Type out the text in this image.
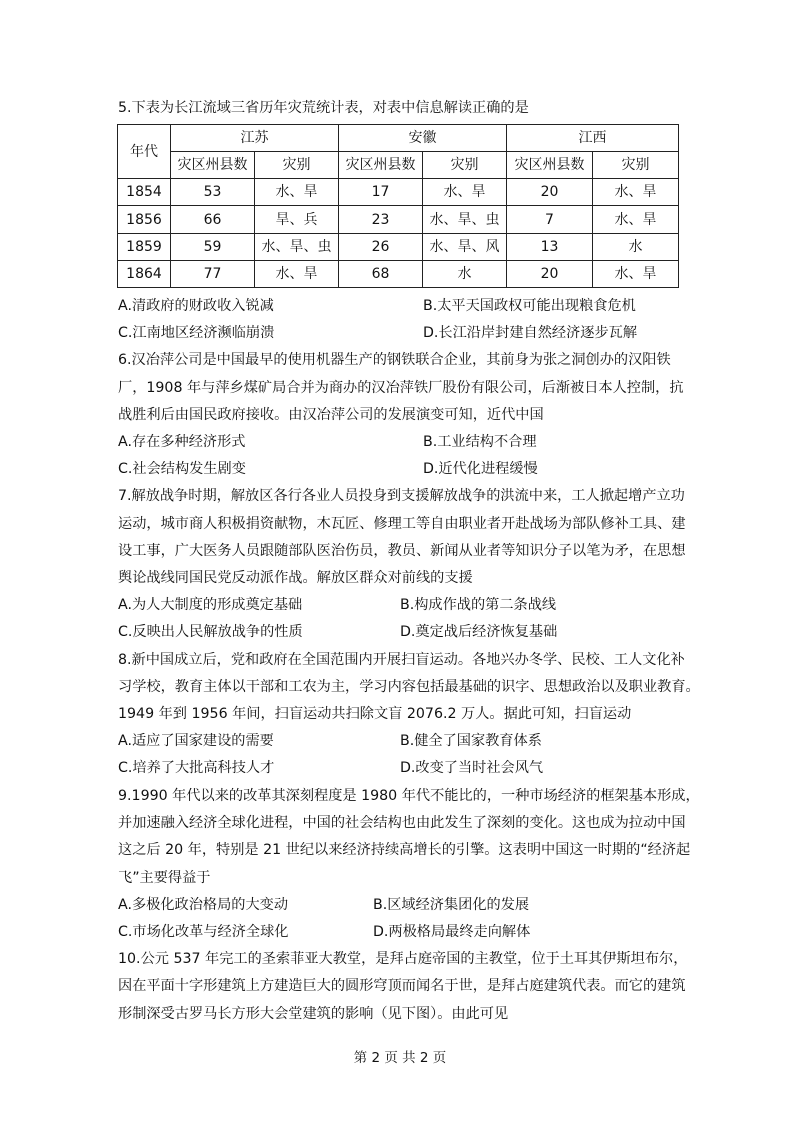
5.下表为长江流域三省历年灾荒统计表，对表中信息解读正确的是
年代	江苏		安徽		江西	
	灾区州县数	灾别	灾区州县数	灾别	灾区州县数	灾别
1854	53	水、旱	17	水、旱	20	水、旱
1856	66	旱、兵	23	水、旱、虫	7	水、旱
1859	59	水、旱、虫	26	水、旱、风	13	水
1864	77	水、旱	68	水	20	水、旱
A.清政府的财政收入锐减	B.太平天国政权可能出现粮食危机
C.江南地区经济濒临崩溃	D.长江沿岸封建自然经济逐步瓦解
6.汉冶萍公司是中国最早的使用机器生产的钢铁联合企业，其前身为张之洞创办的汉阳铁
厂，1908 年与萍乡煤矿局合并为商办的汉冶萍铁厂股份有限公司，后渐被日本人控制，抗
战胜利后由国民政府接收。由汉冶萍公司的发展演变可知，近代中国
A.存在多种经济形式	B.工业结构不合理
C.社会结构发生剧变	D.近代化进程缓慢
7.解放战争时期，解放区各行各业人员投身到支援解放战争的洪流中来，工人掀起增产立功
运动，城市商人积极捐资献物，木瓦匠、修理工等自由职业者开赴战场为部队修补工具、建
设工事，广大医务人员跟随部队医治伤员，教员、新闻从业者等知识分子以笔为矛，在思想
舆论战线同国民党反动派作战。解放区群众对前线的支援
A.为人大制度的形成奠定基础	B.构成作战的第二条战线
C.反映出人民解放战争的性质	D.奠定战后经济恢复基础
8.新中国成立后，党和政府在全国范围内开展扫盲运动。各地兴办冬学、民校、工人文化补
习学校，教育主体以干部和工农为主，学习内容包括最基础的识字、思想政治以及职业教育。
1949 年到 1956 年间，扫盲运动共扫除文盲 2076.2 万人。据此可知，扫盲运动
A.适应了国家建设的需要	B.健全了国家教育体系
C.培养了大批高科技人才	D.改变了当时社会风气
9.1990 年代以来的改革其深刻程度是 1980 年代不能比的，一种市场经济的框架基本形成，
并加速融入经济全球化进程，中国的社会结构也由此发生了深刻的变化。这也成为拉动中国
这之后 20 年，特别是 21 世纪以来经济持续高增长的引擎。这表明中国这一时期的“经济起
飞”主要得益于
A.多极化政治格局的大变动	B.区域经济集团化的发展
C.市场化改革与经济全球化	D.两极格局最终走向解体
10.公元 537 年完工的圣索菲亚大教堂，是拜占庭帝国的主教堂，位于土耳其伊斯坦布尔，
因在平面十字形建筑上方建造巨大的圆形穹顶而闻名于世，是拜占庭建筑代表。而它的建筑
形制深受古罗马长方形大会堂建筑的影响（见下图）。由此可见
第 2 页 共 2 页
